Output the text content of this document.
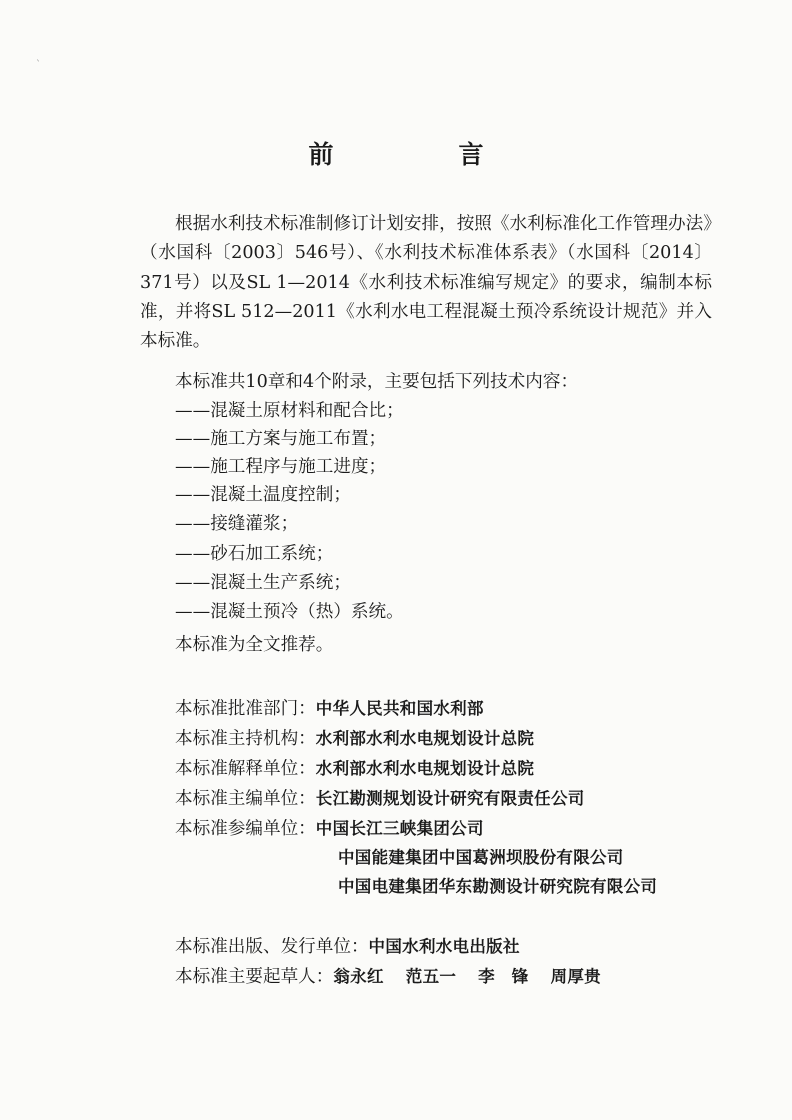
ˋ
前　言
根据水利技术标准制修订计划安排，按照《水利标准化工作管理办法》（水国科〔2003〕546号）、《水利技术标准体系表》（水国科〔2014〕371号）以及SL 1—2014《水利技术标准编写规定》的要求，编制本标准，并将SL 512—2011《水利水电工程混凝土预冷系统设计规范》并入本标准。
本标准共10章和4个附录，主要包括下列技术内容：
——混凝土原材料和配合比；
——施工方案与施工布置；
——施工程序与施工进度；
——混凝土温度控制；
——接缝灌浆；
——砂石加工系统；
——混凝土生产系统；
——混凝土预冷（热）系统。
本标准为全文推荐。
本标准批准部门：中华人民共和国水利部
本标准主持机构：水利部水利水电规划设计总院
本标准解释单位：水利部水利水电规划设计总院
本标准主编单位：长江勘测规划设计研究有限责任公司
本标准参编单位：中国长江三峡集团公司
中国能建集团中国葛洲坝股份有限公司
中国电建集团华东勘测设计研究院有限公司
本标准出版、发行单位：中国水利水电出版社
本标准主要起草人：翁永红 范五一 李　锋 周厚贵
